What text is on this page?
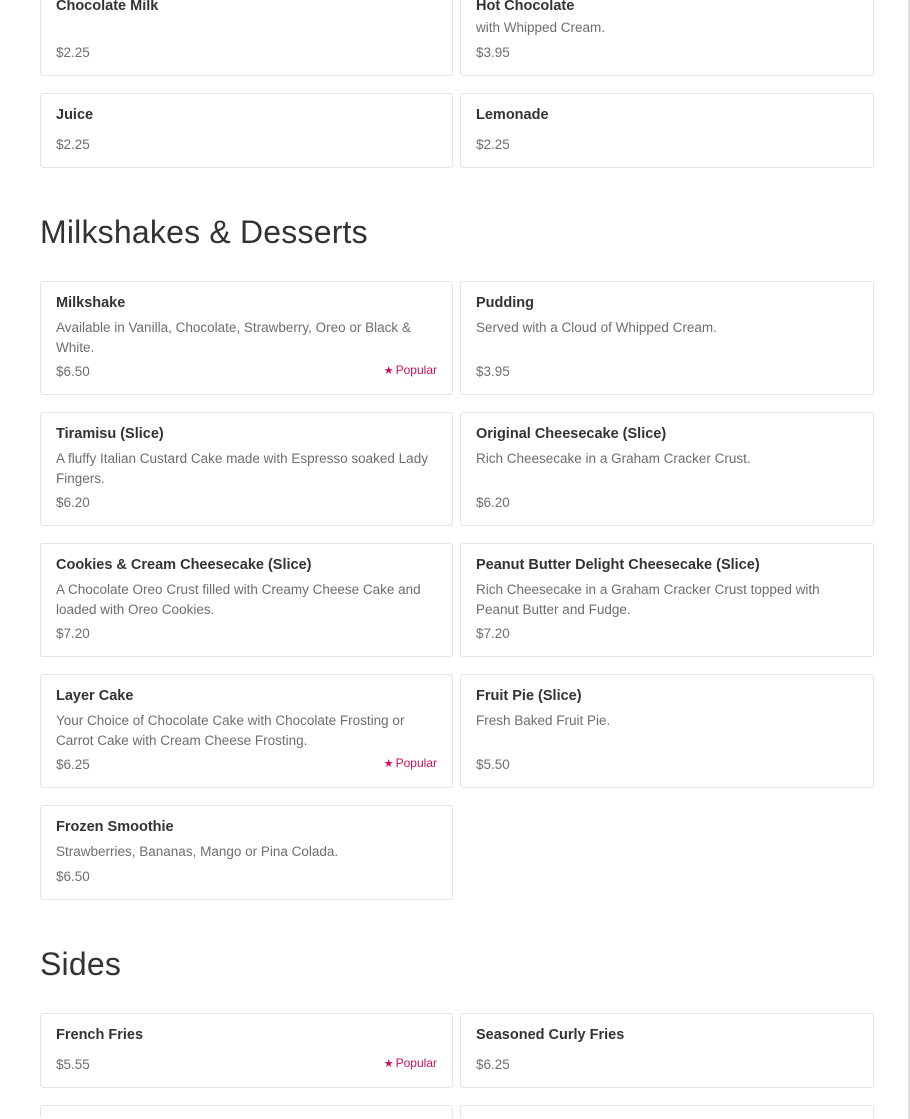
Chocolate Milk
$2.25
Hot Chocolate
with Whipped Cream.
$3.95
Juice
$2.25
Lemonade
$2.25
Milkshakes & Desserts
Milkshake
Available in Vanilla, Chocolate, Strawberry, Oreo or Black & White.
$6.50	★ Popular
Pudding
Served with a Cloud of Whipped Cream.
$3.95
Tiramisu (Slice)
A fluffy Italian Custard Cake made with Espresso soaked Lady Fingers.
$6.20
Original Cheesecake (Slice)
Rich Cheesecake in a Graham Cracker Crust.
$6.20
Cookies & Cream Cheesecake (Slice)
A Chocolate Oreo Crust filled with Creamy Cheese Cake and loaded with Oreo Cookies.
$7.20
Peanut Butter Delight Cheesecake (Slice)
Rich Cheesecake in a Graham Cracker Crust topped with Peanut Butter and Fudge.
$7.20
Layer Cake
Your Choice of Chocolate Cake with Chocolate Frosting or Carrot Cake with Cream Cheese Frosting.
$6.25	★ Popular
Fruit Pie (Slice)
Fresh Baked Fruit Pie.
$5.50
Frozen Smoothie
Strawberries, Bananas, Mango or Pina Colada.
$6.50
Sides
French Fries
$5.55	★ Popular
Seasoned Curly Fries
$6.25
